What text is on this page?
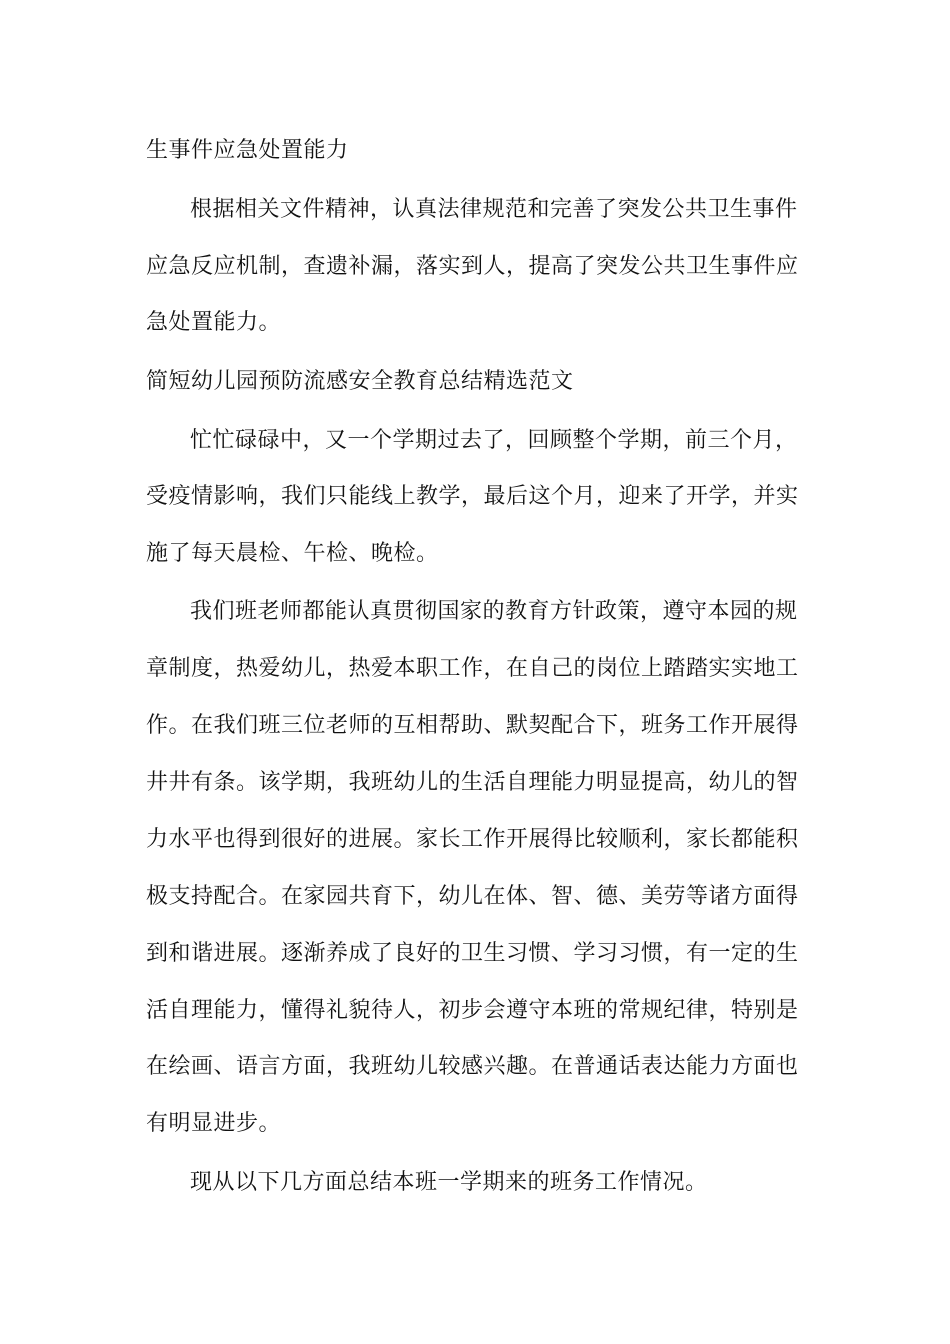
生事件应急处置能力
根据相关文件精神，认真法律规范和完善了突发公共卫生事件
应急反应机制，查遗补漏，落实到人，提高了突发公共卫生事件应
急处置能力。
简短幼儿园预防流感安全教育总结精选范文
忙忙碌碌中，又一个学期过去了，回顾整个学期，前三个月，
受疫情影响，我们只能线上教学，最后这个月，迎来了开学，并实
施了每天晨检、午检、晚检。
我们班老师都能认真贯彻国家的教育方针政策，遵守本园的规
章制度，热爱幼儿，热爱本职工作，在自己的岗位上踏踏实实地工
作。在我们班三位老师的互相帮助、默契配合下，班务工作开展得
井井有条。该学期，我班幼儿的生活自理能力明显提高，幼儿的智
力水平也得到很好的进展。家长工作开展得比较顺利，家长都能积
极支持配合。在家园共育下，幼儿在体、智、德、美劳等诸方面得
到和谐进展。逐渐养成了良好的卫生习惯、学习习惯，有一定的生
活自理能力，懂得礼貌待人，初步会遵守本班的常规纪律，特别是
在绘画、语言方面，我班幼儿较感兴趣。在普通话表达能力方面也
有明显进步。
现从以下几方面总结本班一学期来的班务工作情况。
